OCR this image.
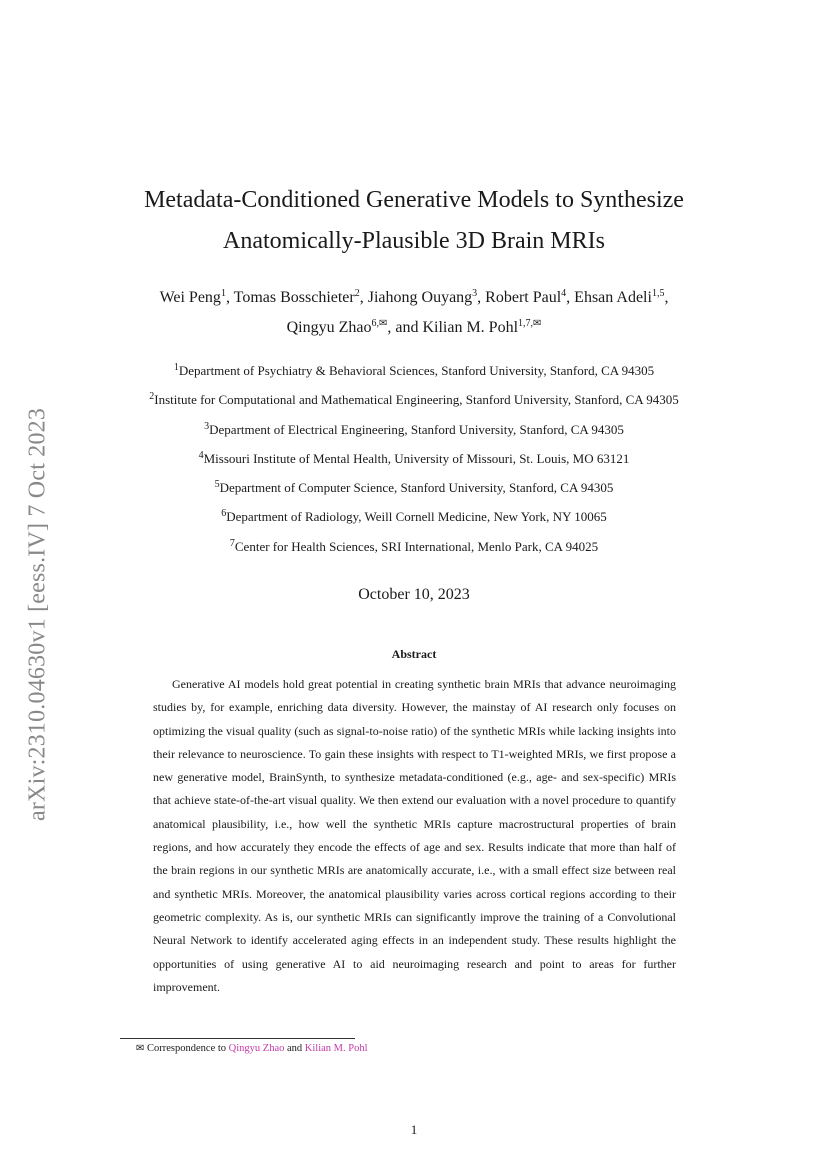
arXiv:2310.04630v1 [eess.IV] 7 Oct 2023
Metadata-Conditioned Generative Models to Synthesize
Anatomically-Plausible 3D Brain MRIs
Wei Peng$^1$, Tomas Bosschieter$^2$, Jiahong Ouyang$^3$, Robert Paul$^4$, Ehsan Adeli$^{1,5}$,
Qingyu Zhao$^{6,✉}$, and Kilian M. Pohl$^{1,7,✉}$
$^1$Department of Psychiatry & Behavioral Sciences, Stanford University, Stanford, CA 94305
$^2$Institute for Computational and Mathematical Engineering, Stanford University, Stanford, CA 94305
$^3$Department of Electrical Engineering, Stanford University, Stanford, CA 94305
$^4$Missouri Institute of Mental Health, University of Missouri, St. Louis, MO 63121
$^5$Department of Computer Science, Stanford University, Stanford, CA 94305
$^6$Department of Radiology, Weill Cornell Medicine, New York, NY 10065
$^7$Center for Health Sciences, SRI International, Menlo Park, CA 94025
October 10, 2023
Abstract

Generative AI models hold great potential in creating synthetic brain MRIs that advance neuroimaging studies by, for example, enriching data diversity. However, the mainstay of AI research only focuses on optimizing the visual quality (such as signal-to-noise ratio) of the synthetic MRIs while lacking insights into their relevance to neuroscience. To gain these insights with respect to T1-weighted MRIs, we first propose a new generative model, BrainSynth, to synthesize metadata-conditioned (e.g., age- and sex-specific) MRIs that achieve state-of-the-art visual quality. We then extend our evaluation with a novel procedure to quantify anatomical plausibility, i.e., how well the synthetic MRIs capture macrostructural properties of brain regions, and how accurately they encode the effects of age and sex. Results indicate that more than half of the brain regions in our synthetic MRIs are anatomically accurate, i.e., with a small effect size between real and synthetic MRIs. Moreover, the anatomical plausibility varies across cortical regions according to their geometric complexity. As is, our synthetic MRIs can significantly improve the training of a Convolutional Neural Network to identify accelerated aging effects in an independent study. These results highlight the opportunities of using generative AI to aid neuroimaging research and point to areas for further improvement.

✉ Correspondence to Qingyu Zhao and Kilian M. Pohl
1
